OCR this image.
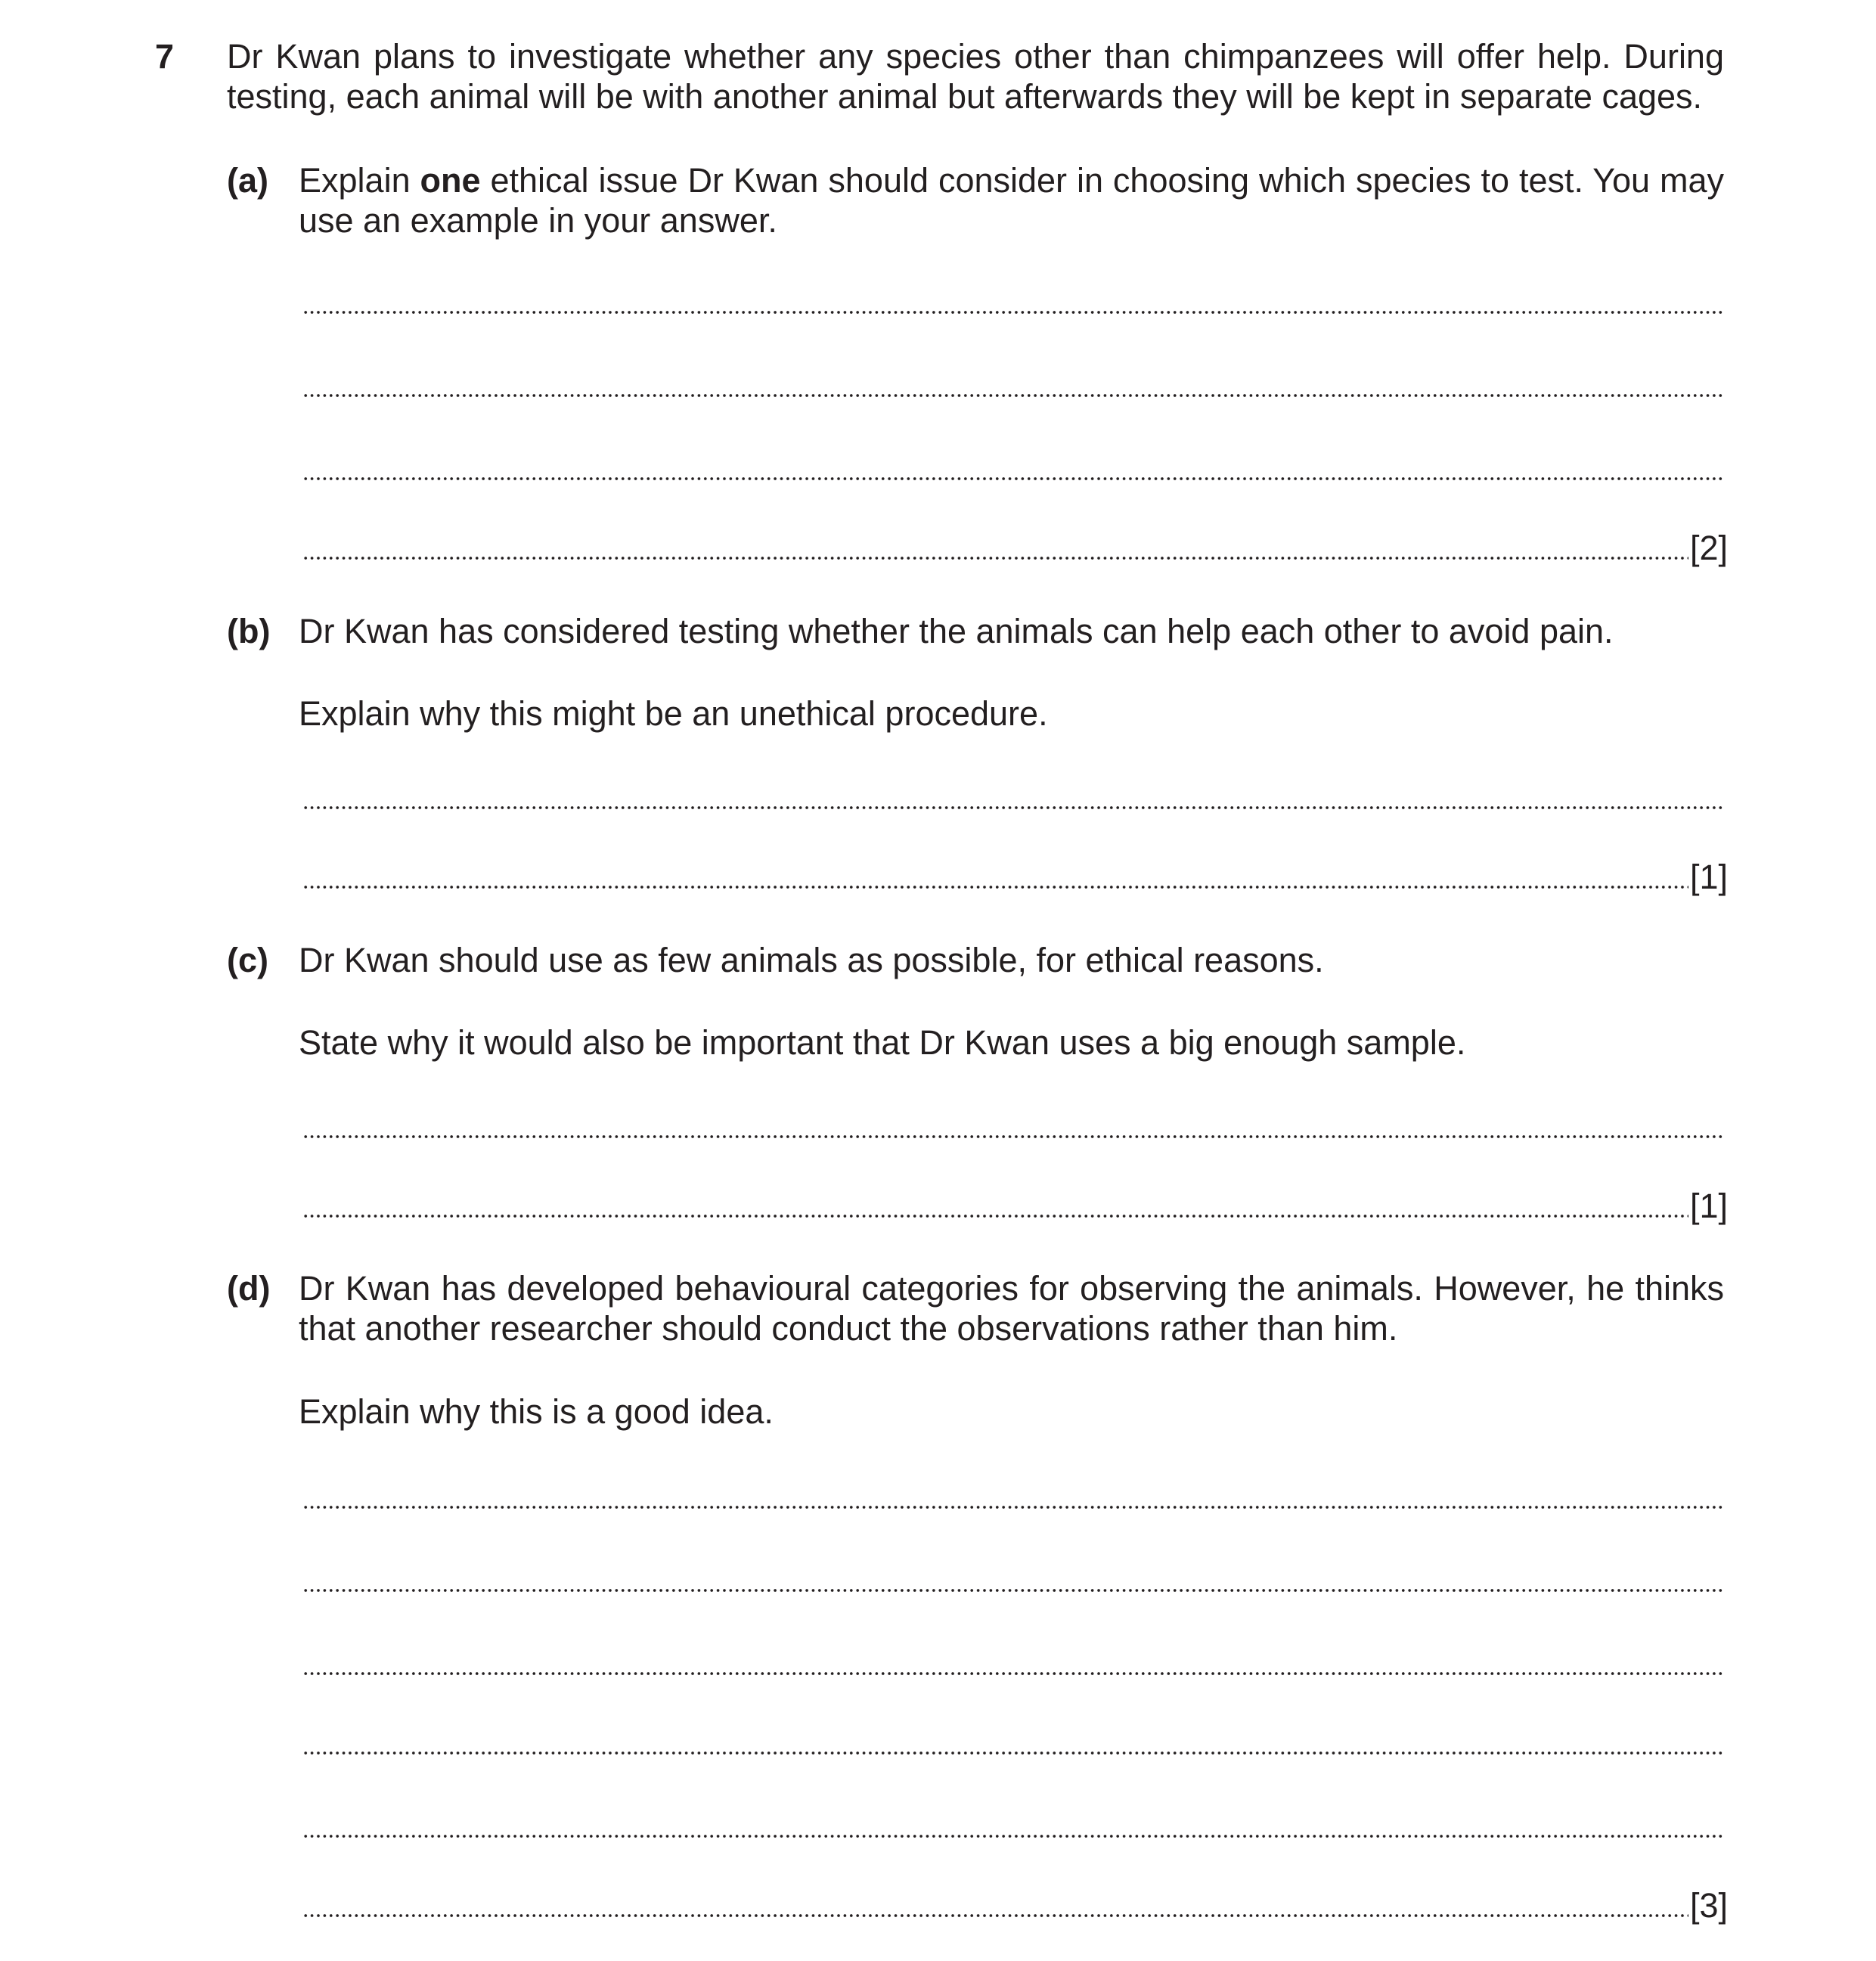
7 Dr Kwan plans to investigate whether any species other than chimpanzees will offer help. During testing, each animal will be with another animal but afterwards they will be kept in separate cages.
(a) Explain one ethical issue Dr Kwan should consider in choosing which species to test. You may use an example in your answer.
[2]
(b) Dr Kwan has considered testing whether the animals can help each other to avoid pain.
Explain why this might be an unethical procedure.
[1]
(c) Dr Kwan should use as few animals as possible, for ethical reasons.
State why it would also be important that Dr Kwan uses a big enough sample.
[1]
(d) Dr Kwan has developed behavioural categories for observing the animals. However, he thinks that another researcher should conduct the observations rather than him.
Explain why this is a good idea.
[3]
